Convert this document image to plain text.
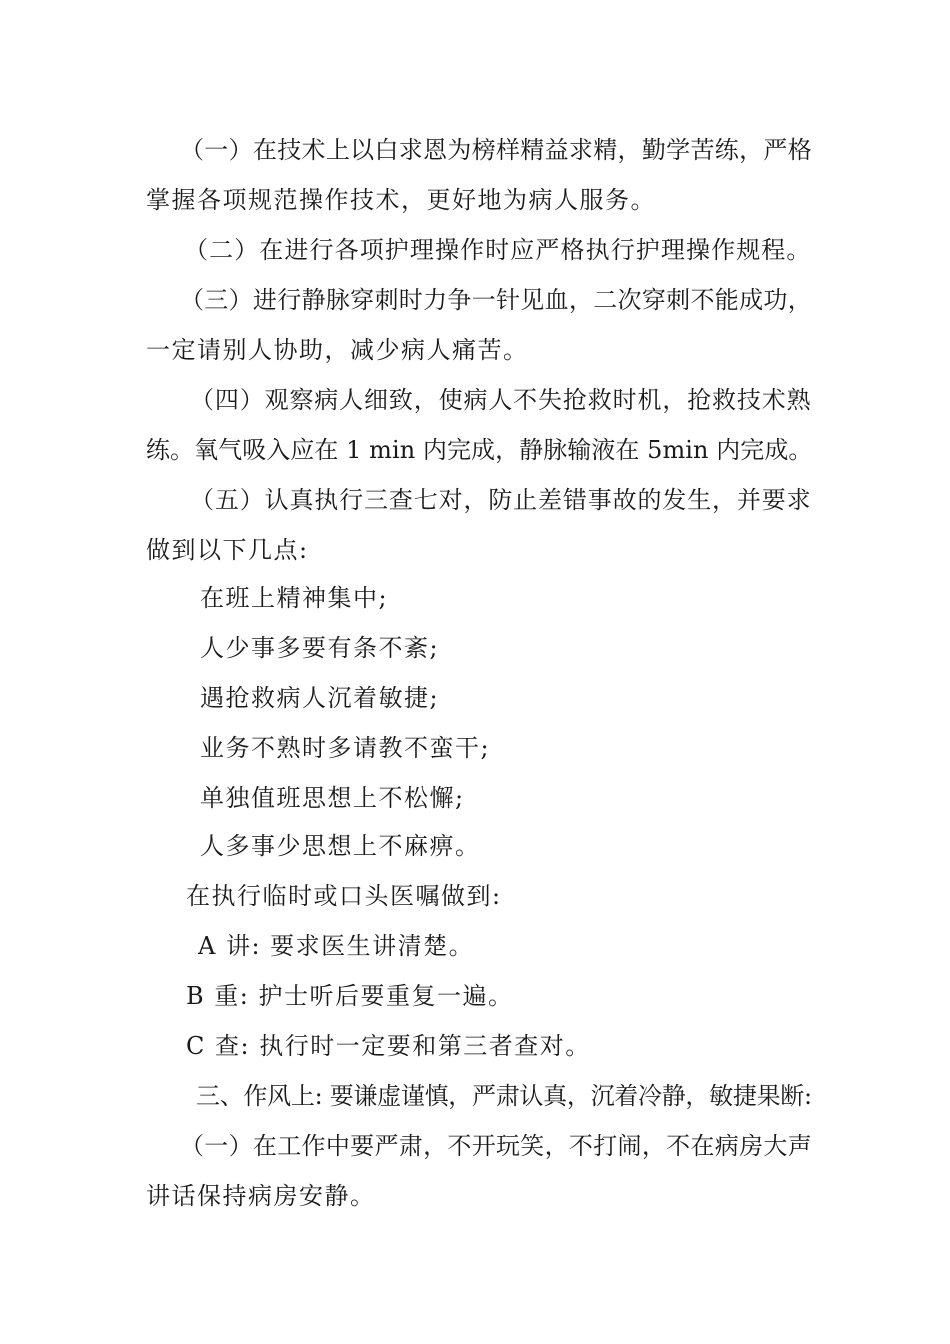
（一）在技术上以白求恩为榜样精益求精，勤学苦练，严格
掌握各项规范操作技术，更好地为病人服务。
（二）在进行各项护理操作时应严格执行护理操作规程。
（三）进行静脉穿刺时力争一针见血，二次穿刺不能成功，
一定请别人协助，减少病人痛苦。
（四）观察病人细致，使病人不失抢救时机，抢救技术熟
练。氧气吸入应在 1 min 内完成，静脉输液在 5min 内完成。
（五）认真执行三查七对，防止差错事故的发生，并要求
做到以下几点:
在班上精神集中;
人少事多要有条不紊;
遇抢救病人沉着敏捷;
业务不熟时多请教不蛮干;
单独值班思想上不松懈;
人多事少思想上不麻痹。
在执行临时或口头医嘱做到:
A 讲: 要求医生讲清楚。
B 重: 护士听后要重复一遍。
C 查: 执行时一定要和第三者查对。
三、作风上: 要谦虚谨慎，严肃认真，沉着冷静，敏捷果断:
（一）在工作中要严肃，不开玩笑，不打闹，不在病房大声
讲话保持病房安静。
